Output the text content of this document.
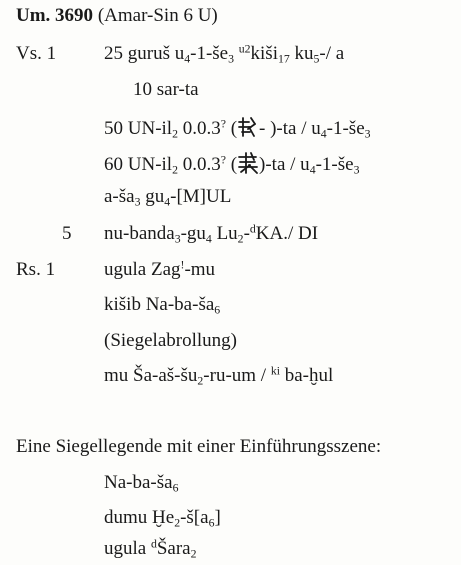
Um. 3690 (Amar-Sin 6 U)
Vs. 1	25 guruš $u_4-1-še_3$ $^{u2}$kiši$_{17}$ $ku_5-/$ a
10 sar-ta
50 $UN-il_2$ 0.0.3? ( - )$-ta / u_4-1-še_3$
60 $UN-il_2$ 0.0.3? ( )$-ta / u_4-1-še_3$
$a-ša_3$ $gu_4-[M]UL$
5 $nu-banda_3-gu_4$ $Lu_2-^dKA./$ DI
Rs. 1	ugula Zag!-mu
kišib $Na-ba-ša_6$
(Siegelabrollung)
mu $Ša-aš-šu_2-ru-um / ^{ki}$ ba-ḫul
Eine Siegellegende mit einer Einführungsszene:
$Na-ba-ša_6$
dumu $Ḫe_2-š[a_6]$
ugula $^d$Šara$_2$
